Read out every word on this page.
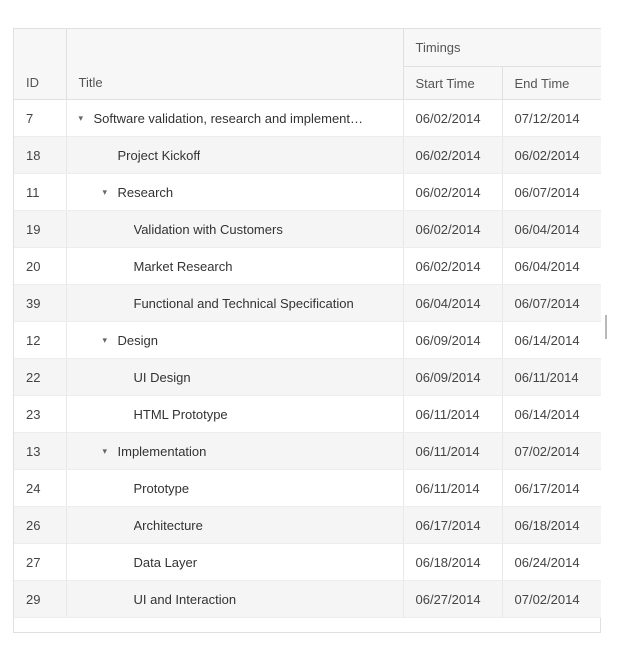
		Timings	
ID	Title	Start Time	End Time
7	▾ Software validation, research and implement…	06/02/2014	07/12/2014
18	Project Kickoff	06/02/2014	06/02/2014
11	▾ Research	06/02/2014	06/07/2014
19	Validation with Customers	06/02/2014	06/04/2014
20	Market Research	06/02/2014	06/04/2014
39	Functional and Technical Specification	06/04/2014	06/07/2014
12	▾ Design	06/09/2014	06/14/2014
22	UI Design	06/09/2014	06/11/2014
23	HTML Prototype	06/11/2014	06/14/2014
13	▾ Implementation	06/11/2014	07/02/2014
24	Prototype	06/11/2014	06/17/2014
26	Architecture	06/17/2014	06/18/2014
27	Data Layer	06/18/2014	06/24/2014
29	UI and Interaction	06/27/2014	07/02/2014
